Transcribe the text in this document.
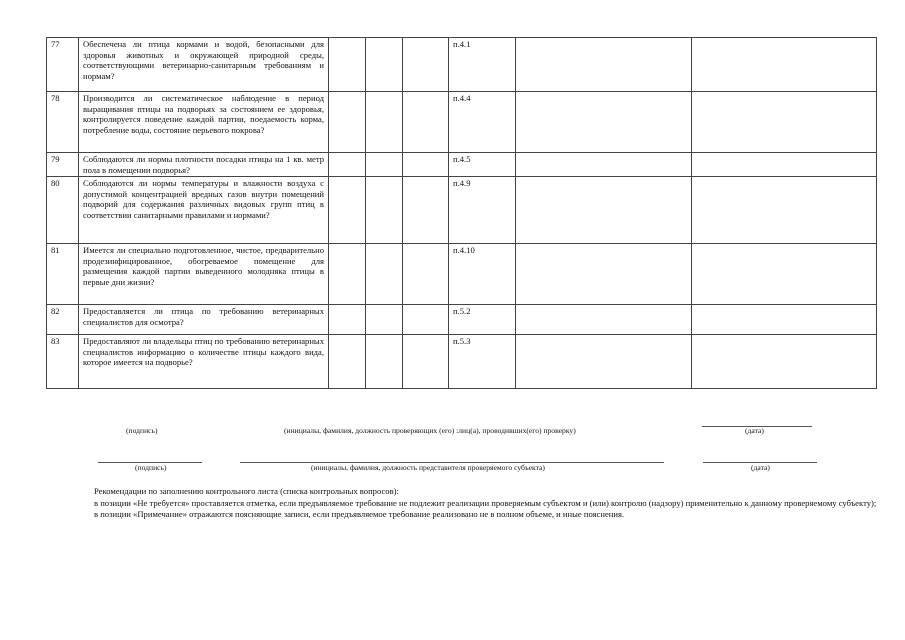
77	Обеспечена ли птица кормами и водой, безопасными для здоровья животных и окружающей природной среды, соответствующими ветеринарно-санитарным требованиям и нормам?				п.4.1		
78	Производится ли систематическое наблюдение в период выращивания птицы на подворьях за состоянием ее здоровья, контролируется поведение каждой партии, поедаемость корма, потребление воды, состояние перьевого покрова?				п.4.4		
79	Соблюдаются ли нормы плотности посадки птицы на 1 кв. метр пола в помещении подворья?				п.4.5		
80	Соблюдаются ли нормы температуры и влажности воздуха с допустимой концентрацией вредных газов внутри помещений подворий для содержания различных видовых групп птиц в соответствии санитарными правилами и нормами?				п.4.9		
81	Имеется ли специально подготовленное, чистое, предварительно продезинфицированное, обогреваемое помещение для размещения каждой партии выведенного молодняка птицы в первые дни жизни?				п.4.10		
82	Предоставляется ли птица по требованию ветеринарных специалистов для осмотра?				п.5.2		
83	Предоставляют ли владельцы птиц по требованию ветеринарных специалистов информацию о количестве птицы каждого вида, которое имеется на подворье?				п.5.3		
(подпись)	(инициалы, фамилия, должность проверяющих (его) :лиц(а), проводивших(его) проверку)	(дата)
(подпись)	(инициалы, фамилия, должность представителя проверяемого субъекта)	(дата)

Рекомендации по заполнению контрольного листа (списка контрольных вопросов):

в позиции «Не требуется» проставляется отметка, если предъявляемое требование не подлежит реализации проверяемым субъектом и (или) контролю (надзору) применительно к данному проверяемому субъекту);

в позиции «Примечание» отражаются поясняющие записи, если предъявляемое требование реализовано не в полном объеме, и иные пояснения.
